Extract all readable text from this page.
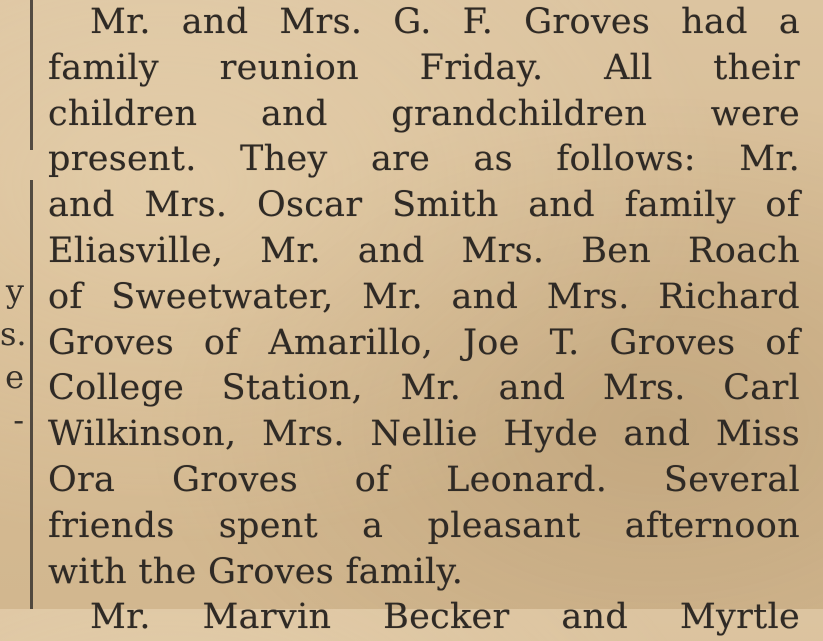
y
s.
e
-
Mr. and Mrs. G. F. Groves had a
family reunion Friday. All their
children and grandchildren were
present. They are as follows: Mr.
and Mrs. Oscar Smith and family of
Eliasville, Mr. and Mrs. Ben Roach
of Sweetwater, Mr. and Mrs. Richard
Groves of Amarillo, Joe T. Groves of
College Station, Mr. and Mrs. Carl
Wilkinson, Mrs. Nellie Hyde and Miss
Ora Groves of Leonard. Several
friends spent a pleasant afternoon
with the Groves family.
Mr. Marvin Becker and Myrtle
